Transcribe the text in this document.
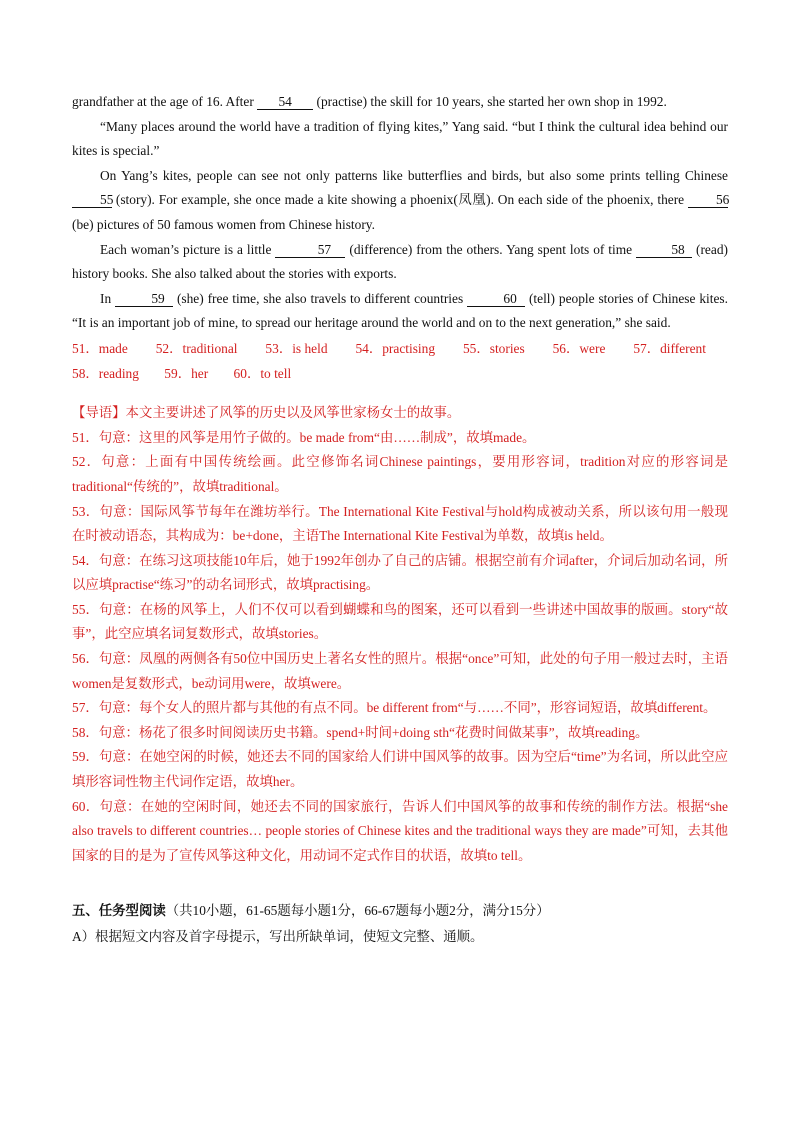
grandfather at the age of 16. After 54 (practise) the skill for 10 years, she started her own shop in 1992.

“Many places around the world have a tradition of flying kites,” Yang said. “but I think the cultural idea behind our kites is special.”

On Yang’s kites, people can see not only patterns like butterflies and birds, but also some prints telling Chinese 55 (story). For example, she once made a kite showing a phoenix(凤凰). On each side of the phoenix, there 56 (be) pictures of 50 famous women from Chinese history.

Each woman’s picture is a little	57 (difference) from the others. Yang spent lots of time	58 (read) history books. She also talked about the stories with exports.

In	59 (she) free time, she also travels to different countries	60 (tell) people stories of Chinese kites. “It is an important job of mine, to spread our heritage around the world and on to the next generation,” she said.

51．made 52．traditional 53．is held 54．practising 55．stories 56．were 57．different 58．reading 59．her 60．to tell

【导语】本文主要讲述了风筝的历史以及风筝世家杨女士的故事。

51．句意：这里的风筝是用竹子做的。be made from“由……制成”，故填made。

52．句意：上面有中国传统绘画。此空修饰名词Chinese paintings，要用形容词，tradition对应的形容词是traditional“传统的”，故填traditional。

53．句意：国际风筝节每年在潍坊举行。The International Kite Festival与hold构成被动关系，所以该句用一般现在时被动语态，其构成为：be+done，主语The International Kite Festival为单数，故填is held。

54．句意：在练习这项技能10年后，她于1992年创办了自己的店铺。根据空前有介词after，介词后加动名词，所以应填practise“练习”的动名词形式，故填practising。

55．句意：在杨的风筝上，人们不仅可以看到蝴蝶和鸟的图案，还可以看到一些讲述中国故事的版画。story“故事”，此空应填名词复数形式，故填stories。

56．句意：凤凰的两侧各有50位中国历史上著名女性的照片。根据“once”可知，此处的句子用一般过去时，主语women是复数形式，be动词用were，故填were。

57．句意：每个女人的照片都与其他的有点不同。be different from“与……不同”，形容词短语，故填different。

58．句意：杨花了很多时间阅读历史书籍。spend+时间+doing sth“花费时间做某事”，故填reading。

59．句意：在她空闲的时候，她还去不同的国家给人们讲中国风筝的故事。因为空后“time”为名词，所以此空应填形容词性物主代词作定语，故填her。

60．句意：在她的空闲时间，她还去不同的国家旅行，告诉人们中国风筝的故事和传统的制作方法。根据“she also travels to different countries… people stories of Chinese kites and the traditional ways they are made”可知，去其他国家的目的是为了宣传风筝这种文化，用动词不定式作目的状语，故填to tell。

五、任务型阅读（共10小题，61-65题每小题1分，66-67题每小题2分，满分15分）

A）根据短文内容及首字母提示，写出所缺单词，使短文完整、通顺。
